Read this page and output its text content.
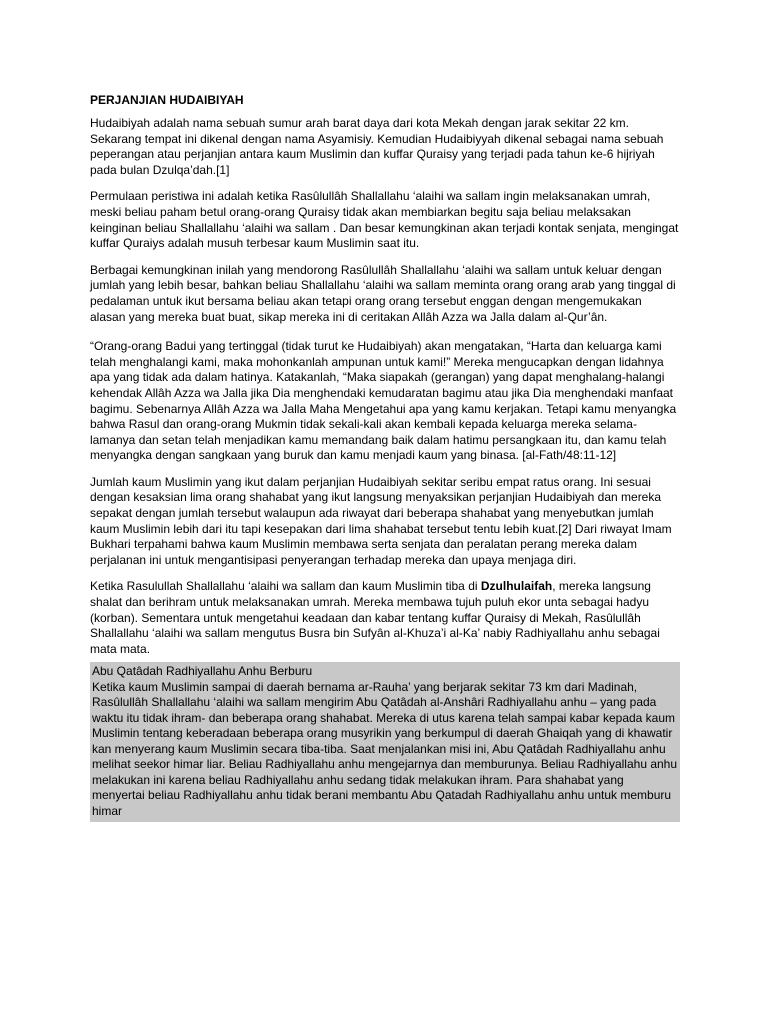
PERJANJIAN HUDAIBIYAH

Hudaibiyah adalah nama sebuah sumur arah barat daya dari kota Mekah dengan jarak sekitar 22 km. Sekarang tempat ini dikenal dengan nama Asyamisiy. Kemudian Hudaibiyyah dikenal sebagai nama sebuah peperangan atau perjanjian antara kaum Muslimin dan kuffar Quraisy yang terjadi pada tahun ke-6 hijriyah pada bulan Dzulqa’dah.[1]

Permulaan peristiwa ini adalah ketika Rasûlullâh Shallallahu ‘alaihi wa sallam ingin melaksanakan umrah, meski beliau paham betul orang-orang Quraisy tidak akan membiarkan begitu saja beliau melaksakan keinginan beliau Shallallahu ‘alaihi wa sallam . Dan besar kemungkinan akan terjadi kontak senjata, mengingat kuffar Quraiys adalah musuh terbesar kaum Muslimin saat itu.

Berbagai kemungkinan inilah yang mendorong Rasûlullâh Shallallahu ‘alaihi wa sallam untuk keluar dengan jumlah yang lebih besar, bahkan beliau Shallallahu ‘alaihi wa sallam meminta orang orang arab yang tinggal di pedalaman untuk ikut bersama beliau akan tetapi orang orang tersebut enggan dengan mengemukakan alasan yang mereka buat buat, sikap mereka ini di ceritakan Allâh Azza wa Jalla dalam al-Qur’ân.

“Orang-orang Badui yang tertinggal (tidak turut ke Hudaibiyah) akan mengatakan, “Harta dan keluarga kami telah menghalangi kami, maka mohonkanlah ampunan untuk kami!” Mereka mengucapkan dengan lidahnya apa yang tidak ada dalam hatinya. Katakanlah, “Maka siapakah (gerangan) yang dapat menghalang-halangi kehendak Allâh Azza wa Jalla jika Dia menghendaki kemudaratan bagimu atau jika Dia menghendaki manfaat bagimu. Sebenarnya Allâh Azza wa Jalla Maha Mengetahui apa yang kamu kerjakan. Tetapi kamu menyangka bahwa Rasul dan orang-orang Mukmin tidak sekali-kali akan kembali kepada keluarga mereka selama-lamanya dan setan telah menjadikan kamu memandang baik dalam hatimu persangkaan itu, dan kamu telah menyangka dengan sangkaan yang buruk dan kamu menjadi kaum yang binasa. [al-Fath/48:11-12]

Jumlah kaum Muslimin yang ikut dalam perjanjian Hudaibiyah sekitar seribu empat ratus orang. Ini sesuai dengan kesaksian lima orang shahabat yang ikut langsung menyaksikan perjanjian Hudaibiyah dan mereka sepakat dengan jumlah tersebut walaupun ada riwayat dari beberapa shahabat yang menyebutkan jumlah kaum Muslimin lebih dari itu tapi kesepakan dari lima shahabat tersebut tentu lebih kuat.[2] Dari riwayat Imam Bukhari terpahami bahwa kaum Muslimin membawa serta senjata dan peralatan perang mereka dalam perjalanan ini untuk mengantisipasi penyerangan terhadap mereka dan upaya menjaga diri.

Ketika Rasulullah Shallallahu ‘alaihi wa sallam dan kaum Muslimin tiba di Dzulhulaifah, mereka langsung shalat dan berihram untuk melaksanakan umrah. Mereka membawa tujuh puluh ekor unta sebagai hadyu (korban). Sementara untuk mengetahui keadaan dan kabar tentang kuffar Quraisy di Mekah, Rasûlullâh Shallallahu ‘alaihi wa sallam mengutus Busra bin Sufyân al-Khuza’i al-Ka’ nabiy Radhiyallahu anhu sebagai mata mata.

Abu Qatâdah Radhiyallahu Anhu Berburu
Ketika kaum Muslimin sampai di daerah bernama ar-Rauha’ yang berjarak sekitar 73 km dari Madinah, Rasûlullâh Shallallahu ‘alaihi wa sallam mengirim Abu Qatâdah al-Anshâri Radhiyallahu anhu – yang pada waktu itu tidak ihram- dan beberapa orang shahabat. Mereka di utus karena telah sampai kabar kepada kaum Muslimin tentang keberadaan beberapa orang musyrikin yang berkumpul di daerah Ghaiqah yang di khawatir kan menyerang kaum Muslimin secara tiba-tiba. Saat menjalankan misi ini, Abu Qatâdah Radhiyallahu anhu melihat seekor himar liar. Beliau Radhiyallahu anhu mengejarnya dan memburunya. Beliau Radhiyallahu anhu melakukan ini karena beliau Radhiyallahu anhu sedang tidak melakukan ihram. Para shahabat yang menyertai beliau Radhiyallahu anhu tidak berani membantu Abu Qatadah Radhiyallahu anhu untuk memburu himar
